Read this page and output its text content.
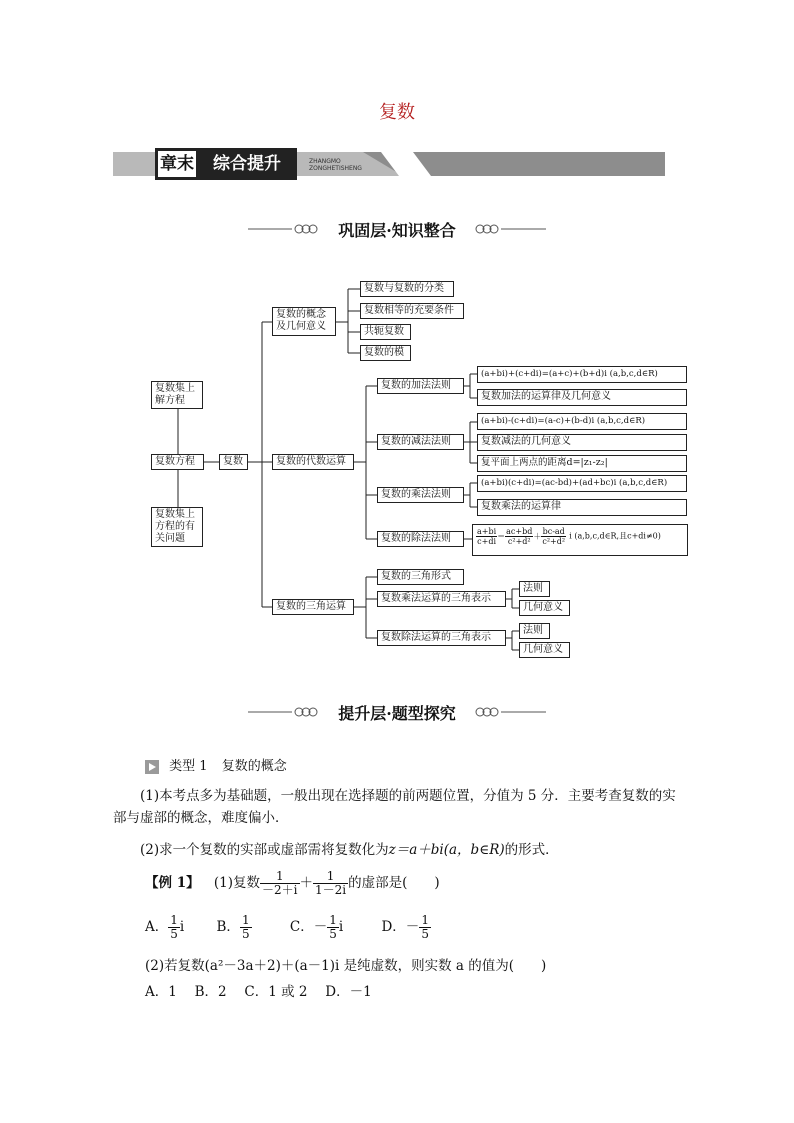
复数
章末	综合提升	ZHANGMO
ZONGHETISHENG
巩固层·知识整合
复数集上解方程
复数方程
复数集上方程的有关问题
复数
复数的概念及几何意义
复数的代数运算
复数的三角运算
复数与复数的分类
复数相等的充要条件
共轭复数
复数的模
复数的加法法则
复数的减法法则
复数的乘法法则
复数的除法法则
(a+bi)+(c+di)=(a+c)+(b+d)i (a,b,c,d∈R)
复数加法的运算律及几何意义
(a+bi)-(c+di)=(a-c)+(b-d)i (a,b,c,d∈R)
复数减法的几何意义
复平面上两点的距离d=|z₁-z₂|
(a+bi)(c+di)=(ac-bd)+(ad+bc)i (a,b,c,d∈R)
复数乘法的运算律
$\frac{a+bi}{c+di} = \frac{ac+bd}{\text{c²+d²}} + \frac{bc-ad}{\text{c²+d²}}$ i (a,b,c,d∈R,且c+di≠0)
复数的三角形式
复数乘法运算的三角表示
复数除法运算的三角表示
法则
几何意义
法则
几何意义
提升层·题型探究
类型 1 复数的概念
(1)本考点多为基础题，一般出现在选择题的前两题位置，分值为 5 分．主要考查复数的实部与虚部的概念，难度偏小．
(2)求一个复数的实部或虚部需将复数化为z＝a＋bi(a，b∈R)的形式．
【例 1】 (1)复数 $\frac{1}{-2+i} + \frac{1}{1-2i}$ 的虚部是(　　)
A． $\frac{1}{5}$ i B． $\frac{1}{5}$	C．－ $\frac{1}{5}$ i	D．－ $\frac{1}{5}$
(2)若复数(a²－3a＋2)＋(a－1)i 是纯虚数，则实数 a 的值为(　　)
A．1　 B．2　 C．1 或 2　 D．－1
